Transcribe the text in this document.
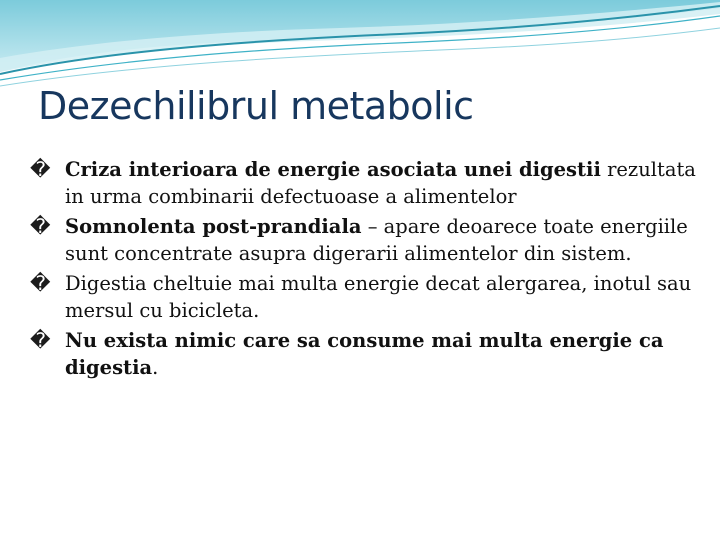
Dezechilibrul metabolic
� Criza interioara de energie asociata unei digestii rezultata in urma combinarii defectuoase a alimentelor
� Somnolenta post-prandiala – apare deoarece toate energiile sunt concentrate asupra digerarii alimentelor din sistem.
� Digestia cheltuie mai multa energie decat alergarea, inotul sau mersul cu bicicleta.
� Nu exista nimic care sa consume mai multa energie ca digestia.
